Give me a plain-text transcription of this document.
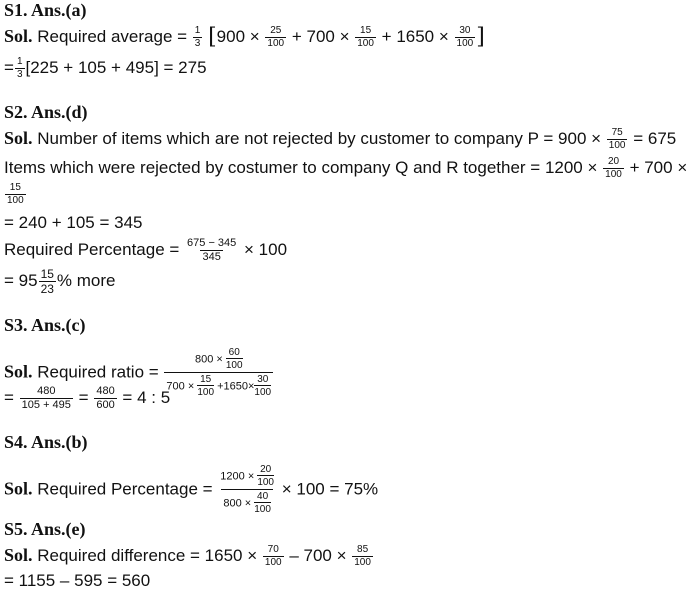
S1. Ans.(a)
Sol. Required average = $\frac{1}{3} [900 \times \frac{25}{100} + 700 \times \frac{15}{100} + 1650 \times \frac{30}{100}$ ]
= $\frac{1}{3} [225 + 105 + 495] = 275$
S2. Ans.(d)
Sol. Number of items which are not rejected by customer to company $P = 900 \times \frac{75}{100} = 675$
Items which were rejected by costumer to company Q and R together = $1200 \times \frac{20}{100} + 700$ ×
$\frac{15}{100}$
= 240 + 105 = 345
Required Percentage = $\frac{675 - 345}{345} \times 100$
= $95 \frac{15}{23}$ % more
S3. Ans.(c)
Sol. Required ratio = $\frac{800 \times \frac{60}{100}}{700 \times \frac{15}{100} +1650\times \frac{30}{100}}$
= $\frac{480}{105 + 495} = \frac{480}{600} = 4$ : 5
S4. Ans.(b)
Sol. Required Percentage = $\frac{1200 \times \frac{20}{100}}{800 \times \frac{40}{100}} \times 100 = 75\%$
S5. Ans.(e)
Sol. Required difference = $1650 \times \frac{70}{100} - 700 \times \frac{85}{100}$
= 1155 – 595 = 560
